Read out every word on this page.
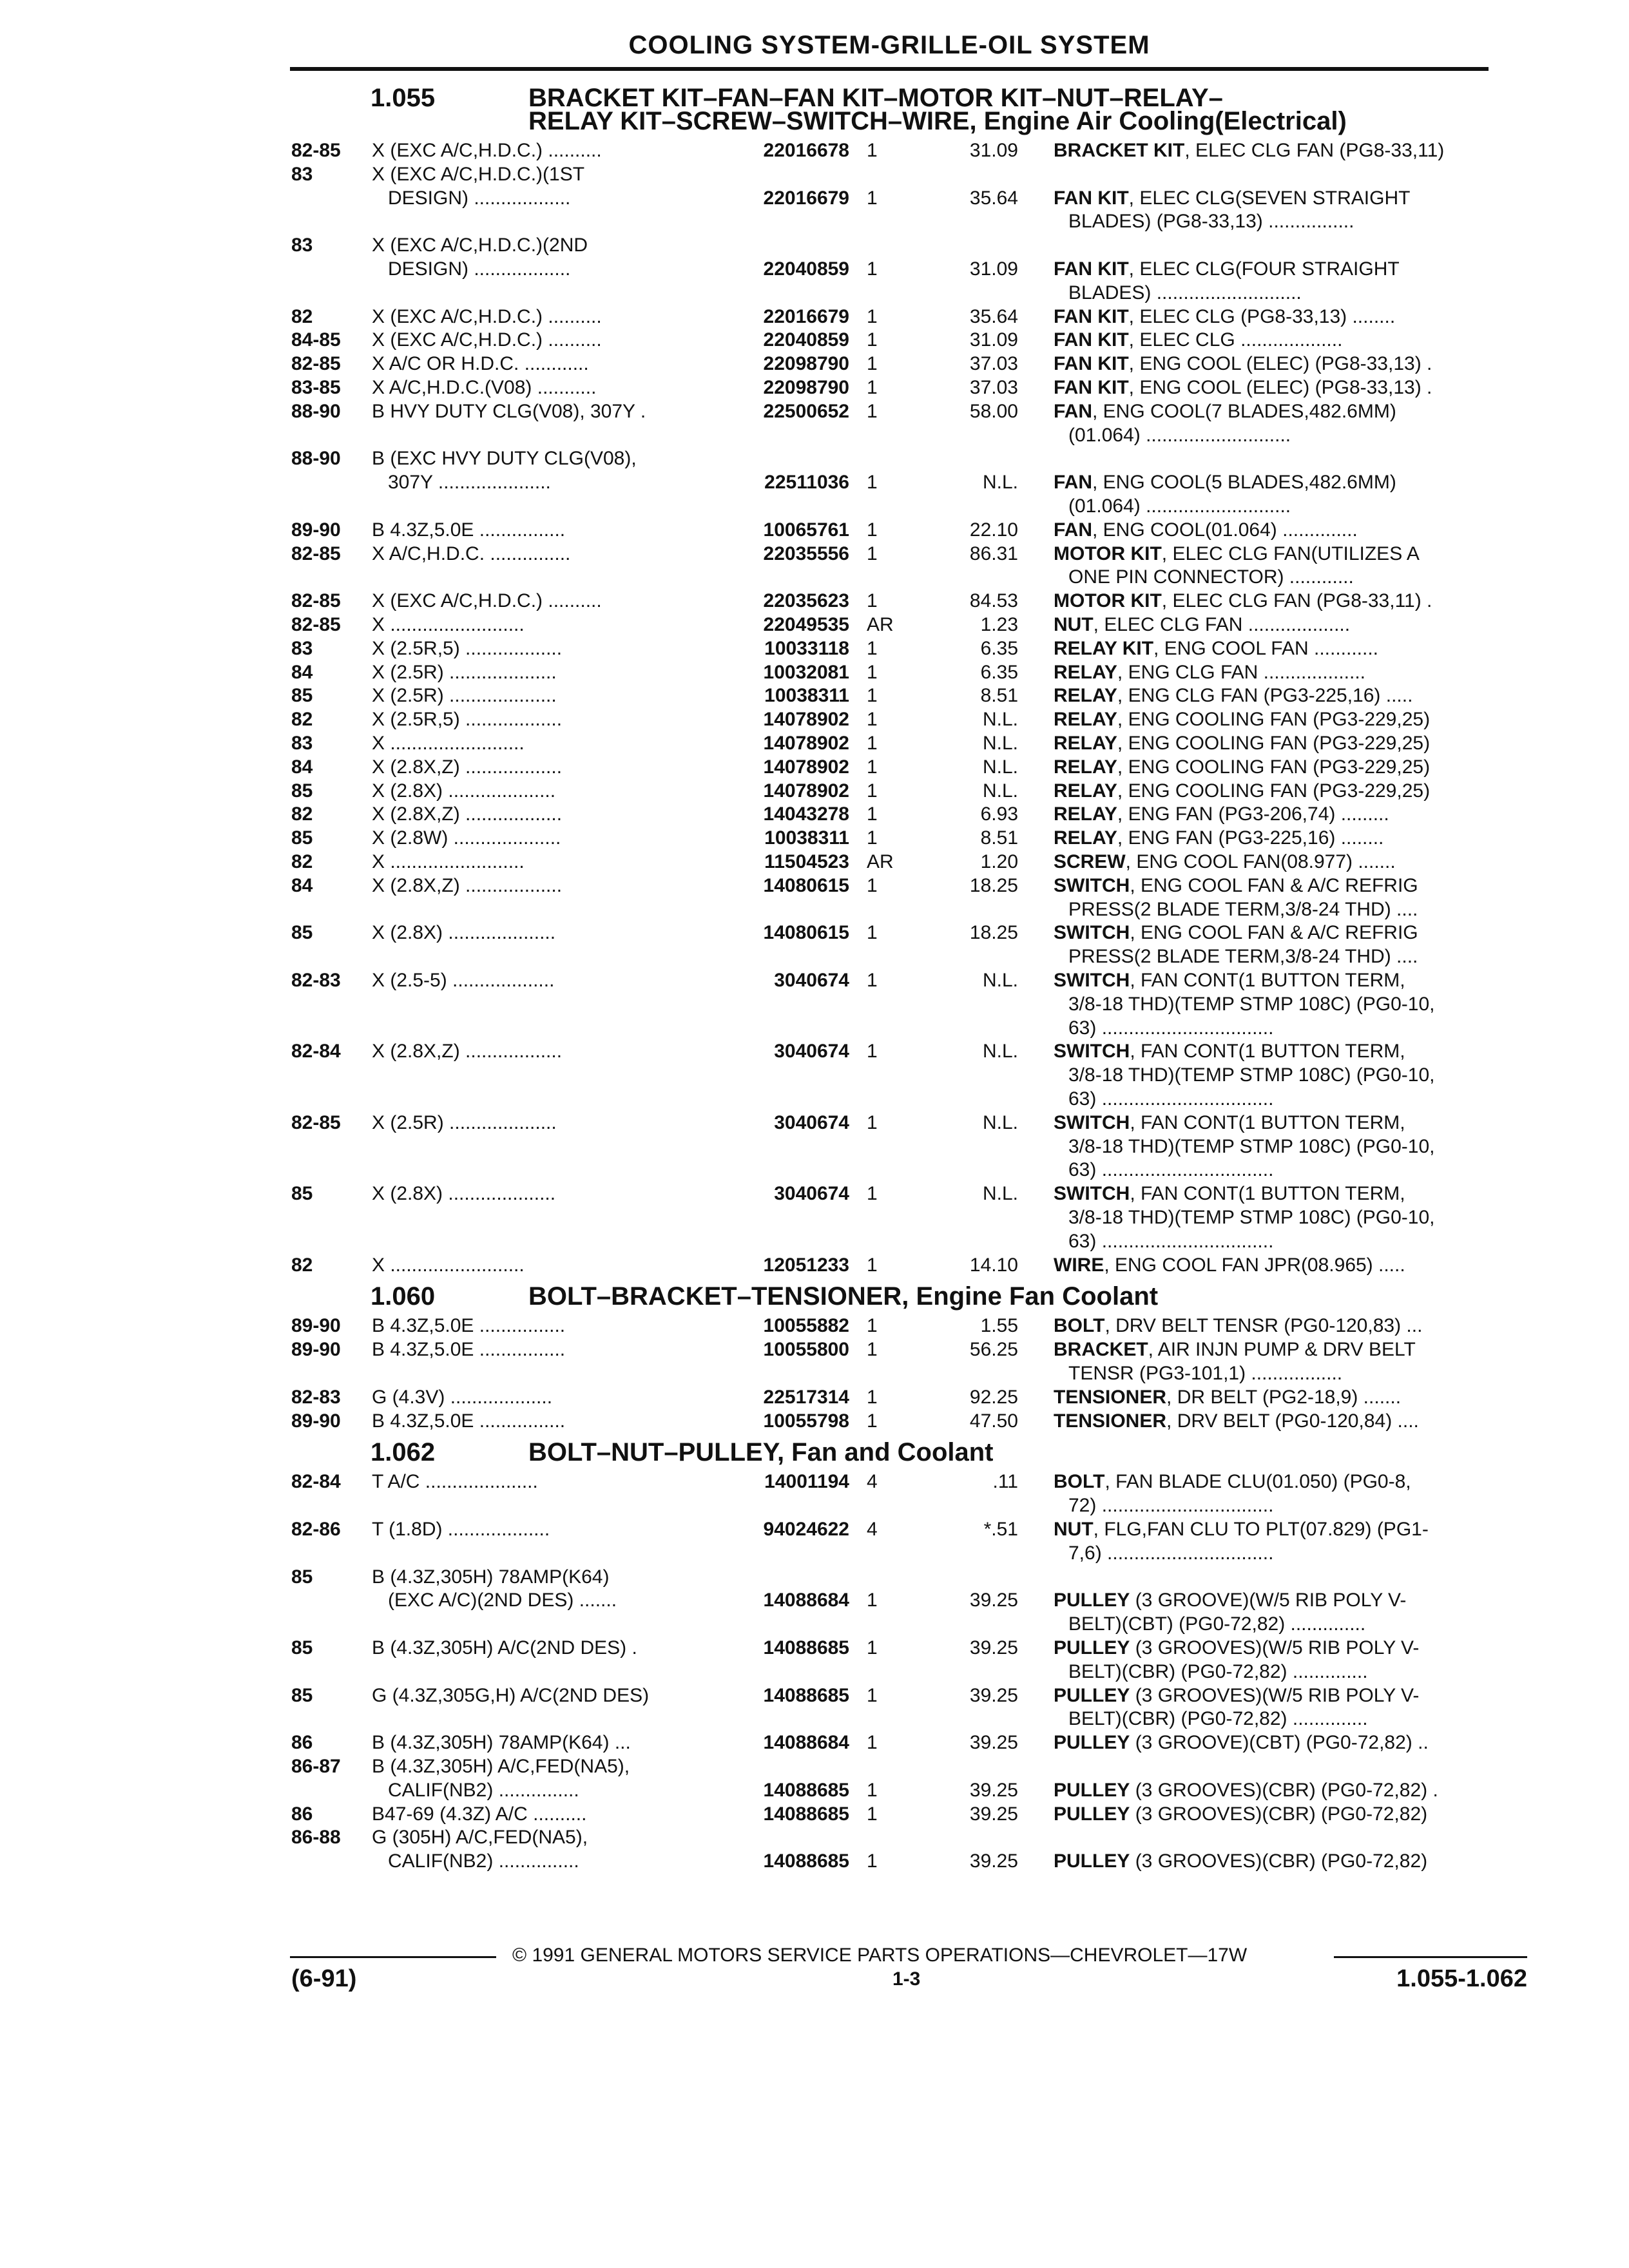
COOLING SYSTEM-GRILLE-OIL SYSTEM
1.055	BRACKET KIT–FAN–FAN KIT–MOTOR KIT–NUT–RELAY–
RELAY KIT–SCREW–SWITCH–WIRE, Engine Air Cooling(Electrical)
82-85 X (EXC A/C,H.D.C.) ..........	22016678 1	31.09 BRACKET KIT, ELEC CLG FAN (PG8-33,11)
83	X (EXC A/C,H.D.C.)(1ST
DESIGN) ..................	22016679 1	35.64 FAN KIT, ELEC CLG(SEVEN STRAIGHT
BLADES) (PG8-33,13) ................
83	X (EXC A/C,H.D.C.)(2ND
DESIGN) ..................	22040859 1	31.09 FAN KIT, ELEC CLG(FOUR STRAIGHT
BLADES) ...........................
82	X (EXC A/C,H.D.C.) ..........	22016679 1	35.64 FAN KIT, ELEC CLG (PG8-33,13) ........
84-85 X (EXC A/C,H.D.C.) ..........	22040859 1	31.09 FAN KIT, ELEC CLG ...................
82-85 X A/C OR H.D.C. ............	22098790 1	37.03 FAN KIT, ENG COOL (ELEC) (PG8-33,13) .
83-85 X A/C,H.D.C.(V08) ...........	22098790 1	37.03 FAN KIT, ENG COOL (ELEC) (PG8-33,13) .
88-90 B HVY DUTY CLG(V08), 307Y .	22500652 1	58.00 FAN, ENG COOL(7 BLADES,482.6MM)
(01.064) ...........................
88-90 B (EXC HVY DUTY CLG(V08),
307Y .....................	22511036 1	N.L. FAN, ENG COOL(5 BLADES,482.6MM)
(01.064) ...........................
89-90 B 4.3Z,5.0E ................	10065761 1	22.10 FAN, ENG COOL(01.064) ..............
82-85 X A/C,H.D.C. ...............	22035556 1	86.31 MOTOR KIT, ELEC CLG FAN(UTILIZES A
ONE PIN CONNECTOR) ............
82-85 X (EXC A/C,H.D.C.) ..........	22035623 1	84.53 MOTOR KIT, ELEC CLG FAN (PG8-33,11) .
82-85 X .........................	22049535 AR	1.23 NUT, ELEC CLG FAN ...................
83	X (2.5R,5) ..................	10033118 1	6.35 RELAY KIT, ENG COOL FAN ............
84	X (2.5R) ....................	10032081 1	6.35 RELAY, ENG CLG FAN ...................
85	X (2.5R) ....................	10038311 1	8.51 RELAY, ENG CLG FAN (PG3-225,16) .....
82	X (2.5R,5) ..................	14078902 1	N.L. RELAY, ENG COOLING FAN (PG3-229,25)
83	X .........................	14078902 1	N.L. RELAY, ENG COOLING FAN (PG3-229,25)
84	X (2.8X,Z) ..................	14078902 1	N.L. RELAY, ENG COOLING FAN (PG3-229,25)
85	X (2.8X) ....................	14078902 1	N.L. RELAY, ENG COOLING FAN (PG3-229,25)
82	X (2.8X,Z) ..................	14043278 1	6.93 RELAY, ENG FAN (PG3-206,74) .........
85	X (2.8W) ....................	10038311 1	8.51 RELAY, ENG FAN (PG3-225,16) ........
82	X .........................	11504523 AR	1.20 SCREW, ENG COOL FAN(08.977) .......
84	X (2.8X,Z) ..................	14080615 1	18.25 SWITCH, ENG COOL FAN & A/C REFRIG
PRESS(2 BLADE TERM,3/8-24 THD) ....
85	X (2.8X) ....................	14080615 1	18.25 SWITCH, ENG COOL FAN & A/C REFRIG
PRESS(2 BLADE TERM,3/8-24 THD) ....
82-83 X (2.5-5) ...................	3040674 1	N.L. SWITCH, FAN CONT(1 BUTTON TERM,
3/8-18 THD)(TEMP STMP 108C) (PG0-10,
63) ................................
82-84 X (2.8X,Z) ..................	3040674 1	N.L. SWITCH, FAN CONT(1 BUTTON TERM,
3/8-18 THD)(TEMP STMP 108C) (PG0-10,
63) ................................
82-85 X (2.5R) ....................	3040674 1	N.L. SWITCH, FAN CONT(1 BUTTON TERM,
3/8-18 THD)(TEMP STMP 108C) (PG0-10,
63) ................................
85	X (2.8X) ....................	3040674 1	N.L. SWITCH, FAN CONT(1 BUTTON TERM,
3/8-18 THD)(TEMP STMP 108C) (PG0-10,
63) ................................
82	X .........................	12051233 1	14.10 WIRE, ENG COOL FAN JPR(08.965) .....
1.060	BOLT–BRACKET–TENSIONER, Engine Fan Coolant
89-90 B 4.3Z,5.0E ................	10055882 1	1.55 BOLT, DRV BELT TENSR (PG0-120,83) ...
89-90 B 4.3Z,5.0E ................	10055800 1	56.25 BRACKET, AIR INJN PUMP & DRV BELT
TENSR (PG3-101,1) .................
82-83 G (4.3V) ...................	22517314 1	92.25 TENSIONER, DR BELT (PG2-18,9) .......
89-90 B 4.3Z,5.0E ................	10055798 1	47.50 TENSIONER, DRV BELT (PG0-120,84) ....
1.062	BOLT–NUT–PULLEY, Fan and Coolant
82-84 T A/C .....................	14001194 4	.11 BOLT, FAN BLADE CLU(01.050) (PG0-8,
72) ................................
82-86 T (1.8D) ...................	94024622 4	*.51 NUT, FLG,FAN CLU TO PLT(07.829) (PG1-
7,6) ...............................
85	B (4.3Z,305H) 78AMP(K64)
(EXC A/C)(2ND DES) .......	14088684 1	39.25 PULLEY (3 GROOVE)(W/5 RIB POLY V-
BELT)(CBT) (PG0-72,82) ..............
85	B (4.3Z,305H) A/C(2ND DES) .	14088685 1	39.25 PULLEY (3 GROOVES)(W/5 RIB POLY V-
BELT)(CBR) (PG0-72,82) ..............
85	G (4.3Z,305G,H) A/C(2ND DES)	14088685 1	39.25 PULLEY (3 GROOVES)(W/5 RIB POLY V-
BELT)(CBR) (PG0-72,82) ..............
86	B (4.3Z,305H) 78AMP(K64) ...	14088684 1	39.25 PULLEY (3 GROOVE)(CBT) (PG0-72,82) ..
86-87 B (4.3Z,305H) A/C,FED(NA5),
CALIF(NB2) ...............	14088685 1	39.25 PULLEY (3 GROOVES)(CBR) (PG0-72,82) .
86	B47-69 (4.3Z) A/C ..........	14088685 1	39.25 PULLEY (3 GROOVES)(CBR) (PG0-72,82)
86-88 G (305H) A/C,FED(NA5),
CALIF(NB2) ...............	14088685 1	39.25 PULLEY (3 GROOVES)(CBR) (PG0-72,82)
© 1991 GENERAL MOTORS SERVICE PARTS OPERATIONS—CHEVROLET—17W
(6-91)	1-3	1.055-1.062
